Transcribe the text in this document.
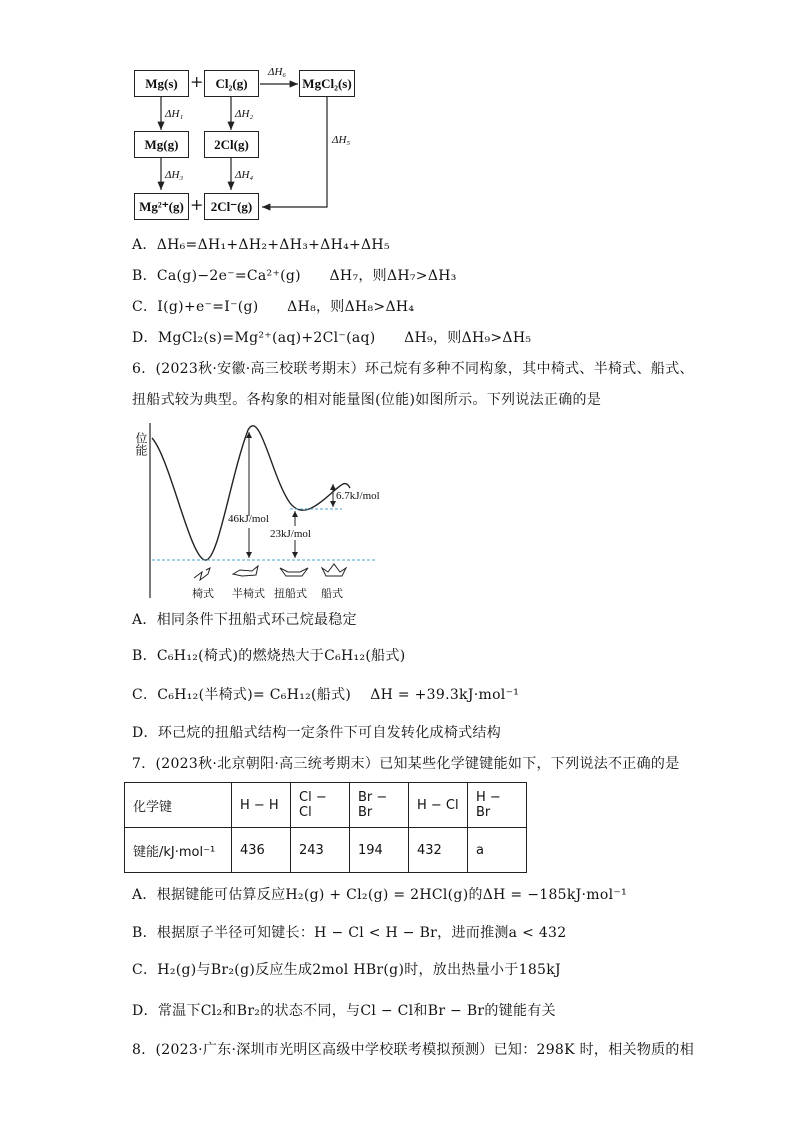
Mg(s) + Cl₂(g)	MgCl₂(s)
Mg(g)	2Cl(g)
Mg²⁺(g) + 2Cl⁻(g)
ΔH₁	ΔH₂
ΔH₃	ΔH₄
ΔH₅
ΔH₆
A．ΔH₆=ΔH₁+ΔH₂+ΔH₃+ΔH₄+ΔH₅
B．Ca(g)−2e⁻=Ca²⁺(g)　　ΔH₇，则ΔH₇>ΔH₃
C．I(g)+e⁻=I⁻(g)　　ΔH₈，则ΔH₈>ΔH₄
D．MgCl₂(s)=Mg²⁺(aq)+2Cl⁻(aq)　　ΔH₉，则ΔH₉>ΔH₅
6．(2023秋·安徽·高三校联考期末）环己烷有多种不同构象，其中椅式、半椅式、船式、
扭船式较为典型。各构象的相对能量图(位能)如图所示。下列说法正确的是
位能
6.7kJ/mol
46kJ/mol
23kJ/mol
椅式 半椅式 扭船式 船式
A．相同条件下扭船式环己烷最稳定
B．C₆H₁₂(椅式)的燃烧热大于C₆H₁₂(船式)
C．C₆H₁₂(半椅式)= C₆H₁₂(船式)　 ΔH = +39.3kJ·mol⁻¹
D．环己烷的扭船式结构一定条件下可自发转化成椅式结构
7．(2023秋·北京朝阳·高三统考期末）已知某些化学键键能如下，下列说法不正确的是
化学键	H − H	Cl − Cl	Br − Br	H − Cl	H − Br
键能/kJ·mol⁻¹	436	243	194	432	a
A．根据键能可估算反应H₂(g) + Cl₂(g) = 2HCl(g)的ΔH = −185kJ·mol⁻¹
B．根据原子半径可知键长：H − Cl < H − Br，进而推测a < 432
C．H₂(g)与Br₂(g)反应生成2mol HBr(g)时，放出热量小于185kJ
D．常温下Cl₂和Br₂的状态不同，与Cl − Cl和Br − Br的键能有关
8．(2023·广东·深圳市光明区高级中学校联考模拟预测）已知：298K 时，相关物质的相
